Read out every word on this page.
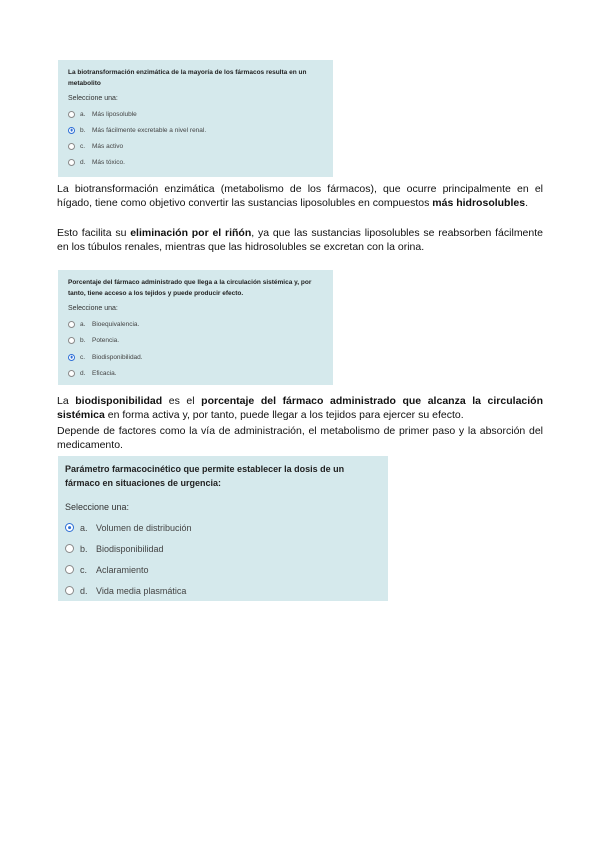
La biotransformación enzimática de la mayoría de los fármacos resulta en un metabolito
Seleccione una:
a.	Más liposoluble
b.	Más fácilmente excretable a nivel renal.
c.	Más activo
d.	Más tóxico.

La biotransformación enzimática (metabolismo de los fármacos), que ocurre principalmente en el hígado, tiene como objetivo convertir las sustancias liposolubles en compuestos más hidrosolubles.

Esto facilita su eliminación por el riñón, ya que las sustancias liposolubles se reabsorben fácilmente en los túbulos renales, mientras que las hidrosolubles se excretan con la orina.

Porcentaje del fármaco administrado que llega a la circulación sistémica y, por tanto, tiene acceso a los tejidos y puede producir efecto.
Seleccione una:
a.	Bioequivalencia.
b.	Potencia.
c.	Biodisponibilidad.
d.	Eficacia.

La biodisponibilidad es el porcentaje del fármaco administrado que alcanza la circulación sistémica en forma activa y, por tanto, puede llegar a los tejidos para ejercer su efecto.

Depende de factores como la vía de administración, el metabolismo de primer paso y la absorción del medicamento.

Parámetro farmacocinético que permite establecer la dosis de un fármaco en situaciones de urgencia:
Seleccione una:
a. Volumen de distribución
b. Biodisponibilidad
c. Aclaramiento
d. Vida media plasmática
